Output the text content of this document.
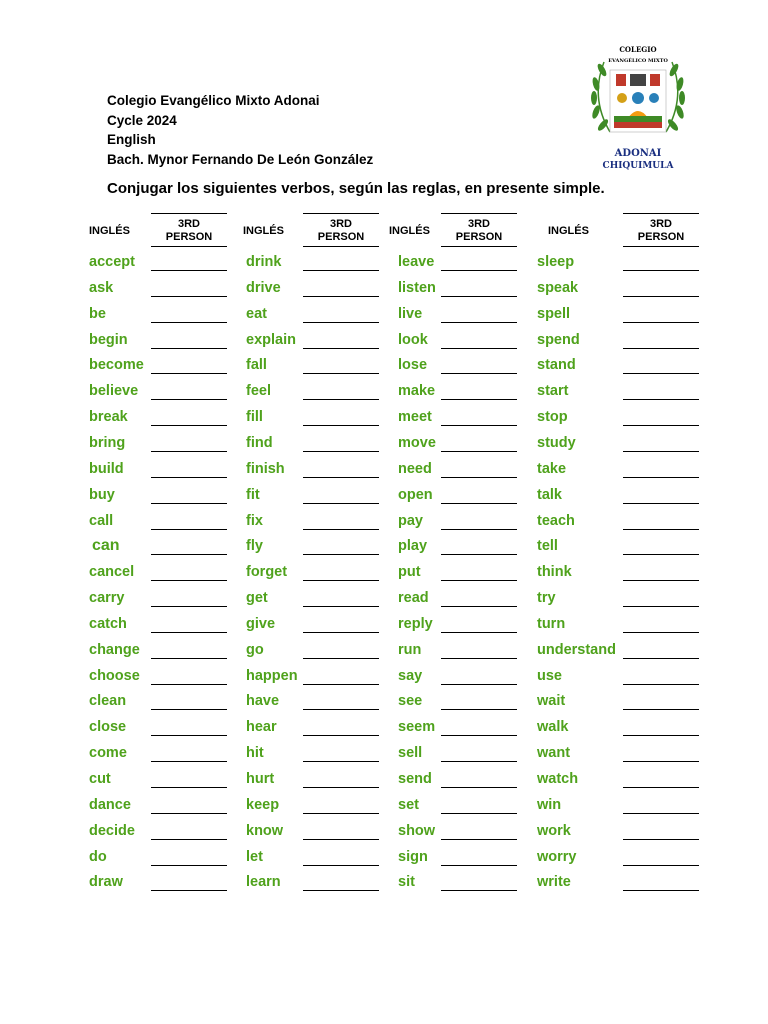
Colegio Evangélico Mixto Adonai
Cycle 2024
English
Bach. Mynor Fernando De León González
COLEGIO
EVANGÉLICO MIXTO
ADONAI
CHIQUIMULA
Conjugar los siguientes verbos, según las reglas, en presente simple.
INGLÉS
3RD
PERSON
accept
ask
be
begin
become
believe
break
bring
build
buy
call
can
cancel
carry
catch
change
choose
clean
close
come
cut
dance
decide
do
draw
INGLÉS
3RD
PERSON
drink
drive
eat
explain
fall
feel
fill
find
finish
fit
fix
fly
forget
get
give
go
happen
have
hear
hit
hurt
keep
know
let
learn
INGLÉS
3RD
PERSON
leave
listen
live
look
lose
make
meet
move
need
open
pay
play
put
read
reply
run
say
see
seem
sell
send
set
show
sign
sit
INGLÉS
3RD
PERSON
sleep
speak
spell
spend
stand
start
stop
study
take
talk
teach
tell
think
try
turn
understand
use
wait
walk
want
watch
win
work
worry
write
